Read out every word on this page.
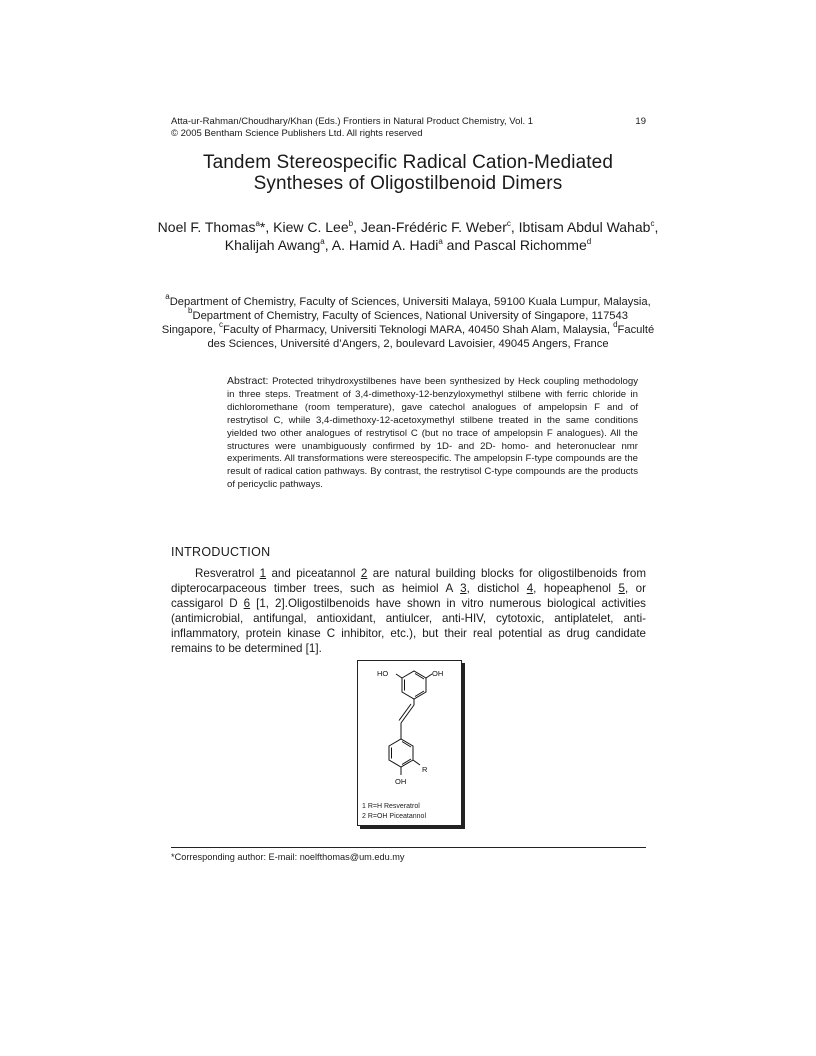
Atta-ur-Rahman/Choudhary/Khan (Eds.) Frontiers in Natural Product Chemistry, Vol. 1	19
© 2005 Bentham Science Publishers Ltd. All rights reserved
Tandem Stereospecific Radical Cation-Mediated
Syntheses of Oligostilbenoid Dimers
Noel F. Thomas$^a$*, Kiew C. Lee$^b$, Jean-Frédéric F. Weber$^c$, Ibtisam Abdul Wahab$^c$, Khalijah Awang$^a$, A. Hamid A. Hadi$^a$ and Pascal Richomme$^d$
$^a$Department of Chemistry, Faculty of Sciences, Universiti Malaya, 59100 Kuala Lumpur, Malaysia, $^b$Department of Chemistry, Faculty of Sciences, National University of Singapore, 117543 Singapore, $^c$Faculty of Pharmacy, Universiti Teknologi MARA, 40450 Shah Alam, Malaysia, $^d$Faculté des Sciences, Université d’Angers, 2, boulevard Lavoisier, 49045 Angers, France
Abstract: Protected trihydroxystilbenes have been synthesized by Heck coupling methodology in three steps. Treatment of 3,4-dimethoxy-12-benzyloxymethyl stilbene with ferric chloride in dichloromethane (room temperature), gave catechol analogues of ampelopsin F and of restrytisol C, while 3,4-dimethoxy-12-acetoxymethyl stilbene treated in the same conditions yielded two other analogues of restrytisol C (but no trace of ampelopsin F analogues). All the structures were unambiguously confirmed by 1D- and 2D- homo- and heteronuclear nmr experiments. All transformations were stereospecific. The ampelopsin F-type compounds are the result of radical cation pathways. By contrast, the restrytisol C-type compounds are the products of pericyclic pathways.
INTRODUCTION
Resveratrol 1 and piceatannol 2 are natural building blocks for oligostilbenoids from dipterocarpaceous timber trees, such as heimiol A 3, distichol 4, hopeaphenol 5, or cassigarol D 6 [1, 2].Oligostilbenoids have shown in vitro numerous biological activities (antimicrobial, antifungal, antioxidant, antiulcer, anti-HIV, cytotoxic, antiplatelet, anti-inflammatory, protein kinase C inhibitor, etc.), but their real potential as drug candidate remains to be determined [1].
HO	OH
R
OH
1 R=H Resveratrol
2 R=OH Piceatannol
*Corresponding author: E-mail: noelfthomas@um.edu.my
